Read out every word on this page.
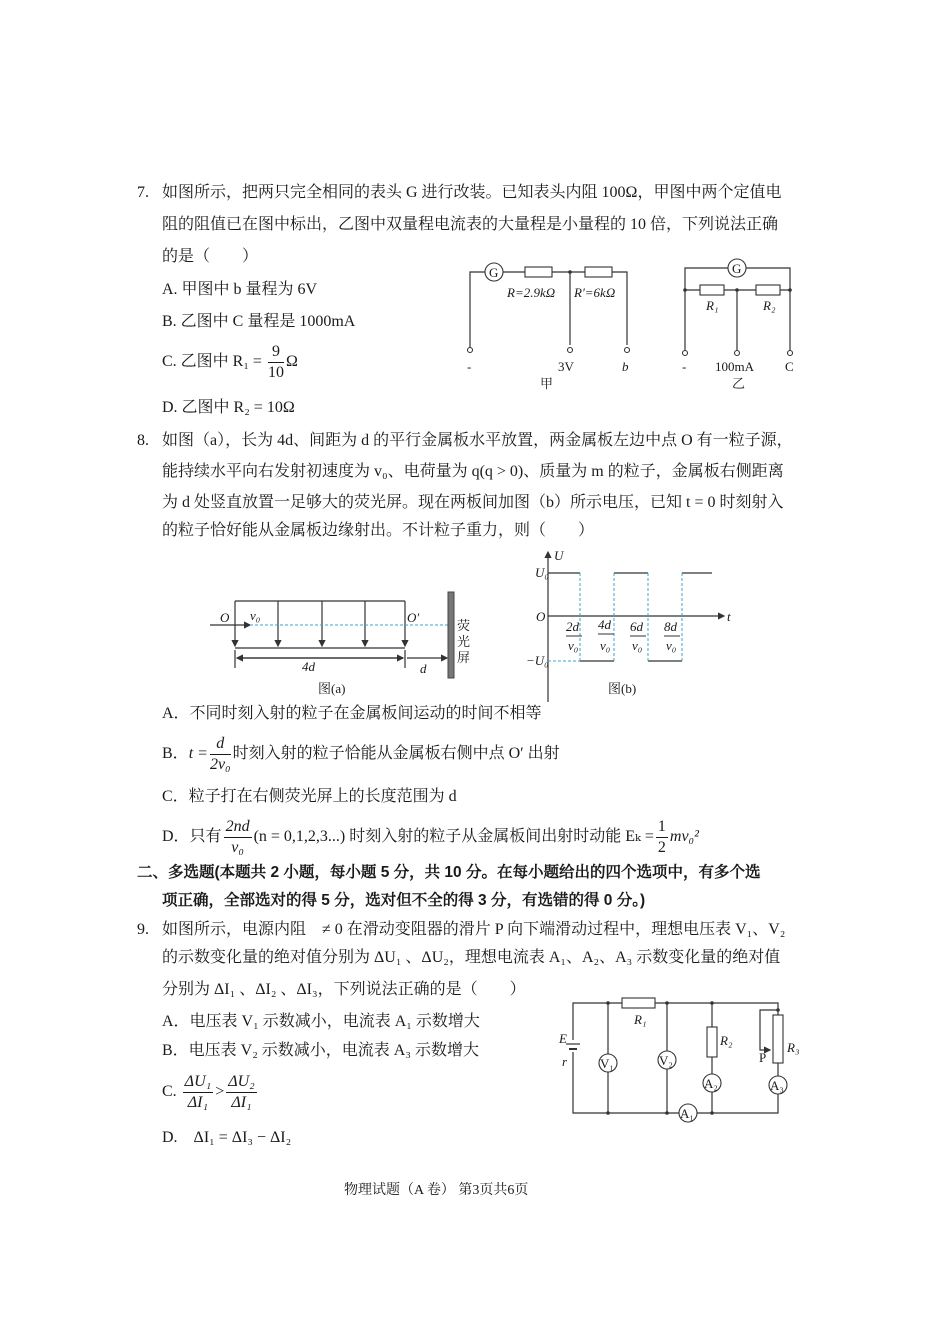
7. 如图所示，把两只完全相同的表头 G 进行改装。已知表头内阻 100Ω，甲图中两个定值电
阻的阻值已在图中标出，乙图中双量程电流表的大量程是小量程的 10 倍，下列说法正确
的是（　　）
A. 甲图中 b 量程为 6V
B. 乙图中 C 量程是 1000mA
C. 乙图中 $R_1 = \frac{9}{10}$ Ω
D. 乙图中 R₂ = 10Ω
G
R=2.9kΩ R′=6kΩ
-	3V	b
甲
G
R₁	R₂
- 100mA C
乙
8. 如图（a），长为 4d、间距为 d 的平行金属板水平放置，两金属板左边中点 O 有一粒子源，
能持续水平向右发射初速度为 v₀、电荷量为 q(q > 0)、质量为 m 的粒子，金属板右侧距离
为 d 处竖直放置一足够大的荧光屏。现在两板间加图（b）所示电压，已知 t = 0 时刻射入
的粒子恰好能从金属板边缘射出。不计粒子重力，则（　　）
O v₀	O′
4d	d
荧
光
屏
图(a)
U
t
U₀
−U₀
O
2d
v₀
4d
v₀
6d
v₀
8d
v₀
图(b)
A．不同时刻入射的粒子在金属板间运动的时间不相等
B．$t = \frac{d}{\text{2v₀}}$ 时刻入射的粒子恰能从金属板右侧中点 O′ 出射
C．粒子打在右侧荧光屏上的长度范围为 d
D．只有 $\frac{2nd}{\text{v₀}} (n = 0,1,2,3...)$ 时刻入射的粒子从金属板间出射时动能 $E_k = \frac{1}{2} mv_0^2$
二、多选题(本题共 2 小题，每小题 5 分，共 10 分。在每小题给出的四个选项中，有多个选
项正确，全部选对的得 5 分，选对但不全的得 3 分，有选错的得 0 分。)
9. 如图所示，电源内阻　≠ 0 在滑动变阻器的滑片 P 向下端滑动过程中，理想电压表 V₁、V₂
的示数变化量的绝对值分别为 ΔU₁ 、ΔU₂，理想电流表 A₁、A₂、A₃ 示数变化量的绝对值
分别为 ΔI₁ 、ΔI₂ 、ΔI₃，下列说法正确的是（　　）
A．电压表 V₁ 示数减小，电流表 A₁ 示数增大
B．电压表 V₂ 示数减小，电流表 A₃ 示数增大
C. $\frac{\text{ΔU₁}}{\text{ΔI₁}} > \frac{\text{ΔU₂}}{\text{ΔI₁}}$
D.　ΔI₁ = ΔI₃ − ΔI₂
V₁	V₂
A₂	A₃
A₁
E
r
R₁
R₂	R₃
P
物理试题（A 卷） 第3页共6页
